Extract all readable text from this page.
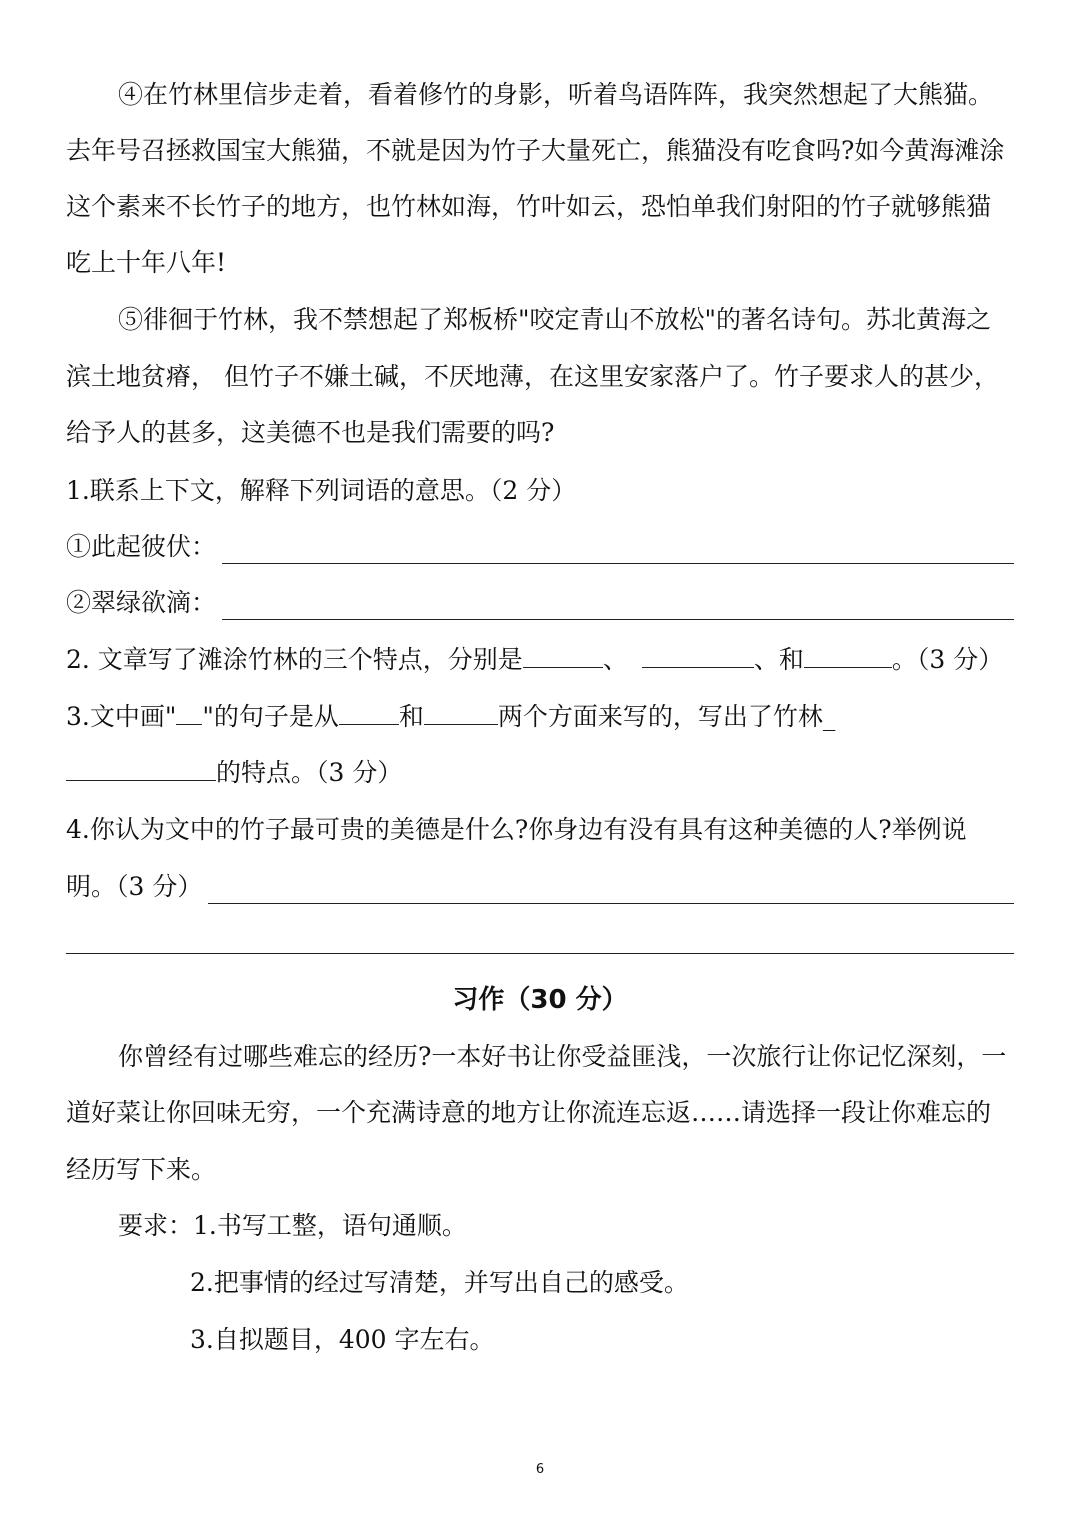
④在竹林里信步走着，看着修竹的身影，听着鸟语阵阵，我突然想起了大熊猫。
去年号召拯救国宝大熊猫，不就是因为竹子大量死亡，熊猫没有吃食吗?如今黄海滩涂
这个素来不长竹子的地方，也竹林如海，竹叶如云，恐怕单我们射阳的竹子就够熊猫
吃上十年八年!
⑤徘徊于竹林，我不禁想起了郑板桥"咬定青山不放松"的著名诗句。苏北黄海之
滨土地贫瘠， 但竹子不嫌土碱，不厌地薄，在这里安家落户了。竹子要求人的甚少，
给予人的甚多，这美德不也是我们需要的吗?
1.联系上下文，解释下列词语的意思。（2 分）
①此起彼伏：
②翠绿欲滴：
2. 文章写了滩涂竹林的三个特点，分别是	、	、和	。（3 分）
3.文中画" "的句子是从 和	两个方面来写的，写出了竹林_
的特点。（3 分）
4.你认为文中的竹子最可贵的美德是什么?你身边有没有具有这种美德的人?举例说
明。（3 分）
习作（30 分）
你曾经有过哪些难忘的经历?一本好书让你受益匪浅，一次旅行让你记忆深刻，一
道好菜让你回味无穷，一个充满诗意的地方让你流连忘返……请选择一段让你难忘的
经历写下来。
要求：1.书写工整，语句通顺。
2.把事情的经过写清楚，并写出自己的感受。
3.自拟题目，400 字左右。
6
